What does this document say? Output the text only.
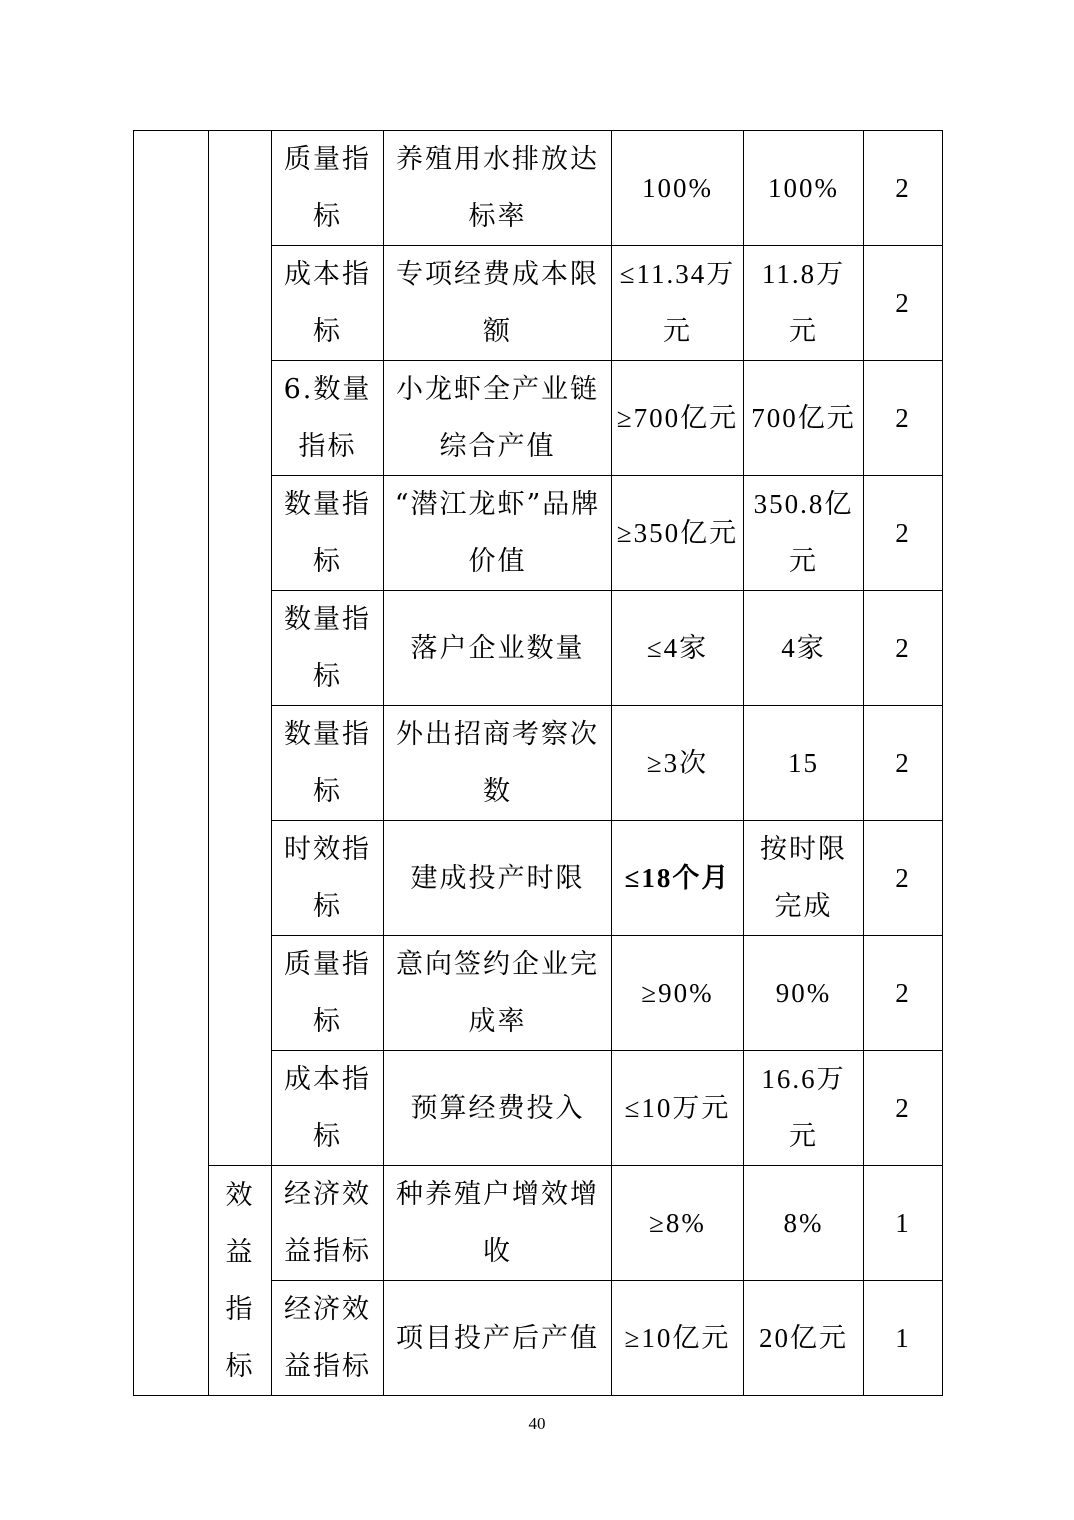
		质量指标	养殖用水排放达标率	100%	100%	2
		成本指标	专项经费成本限额	≤11.34万元	11.8万元	2
		6.数量指标	小龙虾全产业链综合产值	≥700亿元	700亿元	2
		数量指标	“潜江龙虾”品牌价值	≥350亿元	350.8亿元	2
		数量指标	落户企业数量	≤4家	4家	2
		数量指标	外出招商考察次数	≥3次	15	2
		时效指标	建成投产时限	≤18个月	按时限完成	2
		质量指标	意向签约企业完成率	≥90%	90%	2
		成本指标	预算经费投入	≤10万元	16.6万元	2
	效益指标	经济效益指标	种养殖户增效增收	≥8%	8%	1
		经济效益指标	项目投产后产值	≥10亿元	20亿元	1
40
